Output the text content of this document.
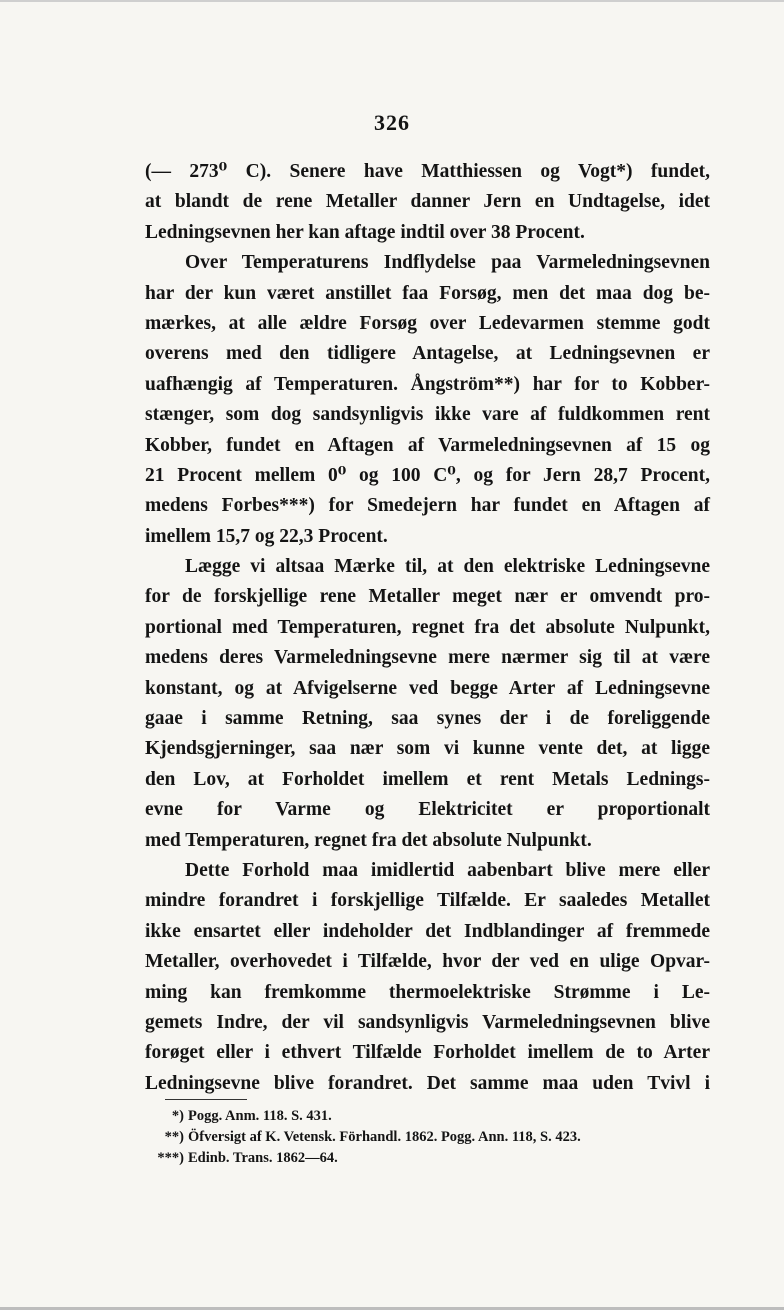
326
(— 273⁰ C). Senere have Matthiessen og Vogt*) fundet,
at blandt de rene Metaller danner Jern en Undtagelse, idet
Ledningsevnen her kan aftage indtil over 38 Procent.
Over Temperaturens Indflydelse paa Varmeledningsevnen
har der kun været anstillet faa Forsøg, men det maa dog be-
mærkes, at alle ældre Forsøg over Ledevarmen stemme godt
overens med den tidligere Antagelse, at Ledningsevnen er
uafhængig af Temperaturen. Ångström**) har for to Kobber-
stænger, som dog sandsynligvis ikke vare af fuldkommen rent
Kobber, fundet en Aftagen af Varmeledningsevnen af 15 og
21 Procent mellem 0⁰ og 100 C⁰, og for Jern 28,7 Procent,
medens Forbes***) for Smedejern har fundet en Aftagen af
imellem 15,7 og 22,3 Procent.
Lægge vi altsaa Mærke til, at den elektriske Ledningsevne
for de forskjellige rene Metaller meget nær er omvendt pro-
portional med Temperaturen, regnet fra det absolute Nulpunkt,
medens deres Varmeledningsevne mere nærmer sig til at være
konstant, og at Afvigelserne ved begge Arter af Ledningsevne
gaae i samme Retning, saa synes der i de foreliggende
Kjendsgjerninger, saa nær som vi kunne vente det, at ligge
den Lov, at Forholdet imellem et rent Metals Lednings-
evne for Varme og Elektricitet er proportionalt
med Temperaturen, regnet fra det absolute Nulpunkt.
Dette Forhold maa imidlertid aabenbart blive mere eller
mindre forandret i forskjellige Tilfælde. Er saaledes Metallet
ikke ensartet eller indeholder det Indblandinger af fremmede
Metaller, overhovedet i Tilfælde, hvor der ved en ulige Opvar-
ming kan fremkomme thermoelektriske Strømme i Le-
gemets Indre, der vil sandsynligvis Varmeledningsevnen blive
forøget eller i ethvert Tilfælde Forholdet imellem de to Arter
Ledningsevne blive forandret. Det samme maa uden Tvivl i
*) Pogg. Anm. 118. S. 431.
**) Öfversigt af K. Vetensk. Förhandl. 1862. Pogg. Ann. 118, S. 423.
***) Edinb. Trans. 1862—64.
